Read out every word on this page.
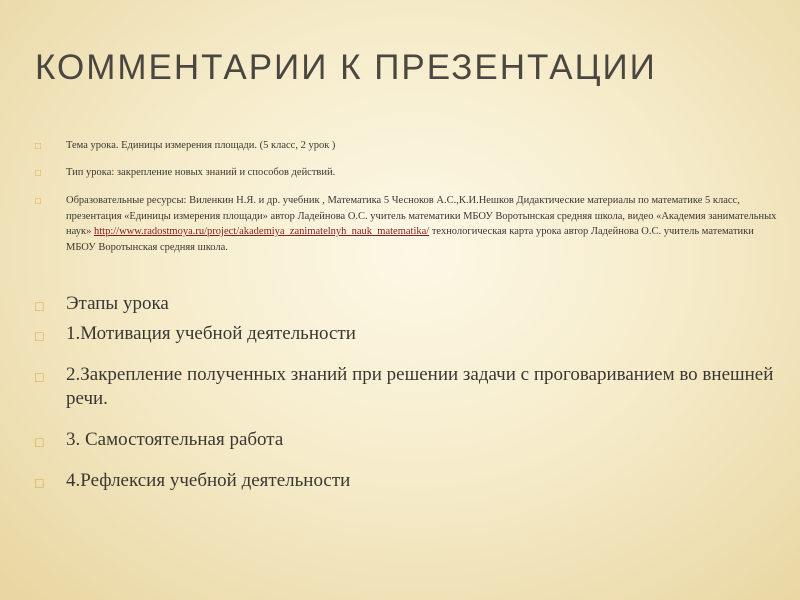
КОММЕНТАРИИ К ПРЕЗЕНТАЦИИ
□ Тема урока. Единицы измерения площади. (5 класс, 2 урок )
□ Тип урока: закрепление новых знаний и способов действий.
□ Образовательные ресурсы: Виленкин Н.Я. и др. учебник , Математика 5 Чесноков А.С.,К.И.Нешков Дидактические материалы по математике 5 класс, презентация «Единицы измерения площади» автор Ладейнова О.С. учитель математики МБОУ Воротынская средняя школа, видео «Академия занимательных наук» http://www.radostmoya.ru/project/akademiya_zanimatelnyh_nauk_matematika/ технологическая карта урока автор Ладейнова О.С. учитель математики МБОУ Воротынская средняя школа.
□ Этапы урока
□ 1.Мотивация учебной деятельности
□ 2.Закрепление полученных знаний при решении задачи с проговариванием во внешней речи.
□ 3. Самостоятельная работа
□ 4.Рефлексия учебной деятельности
